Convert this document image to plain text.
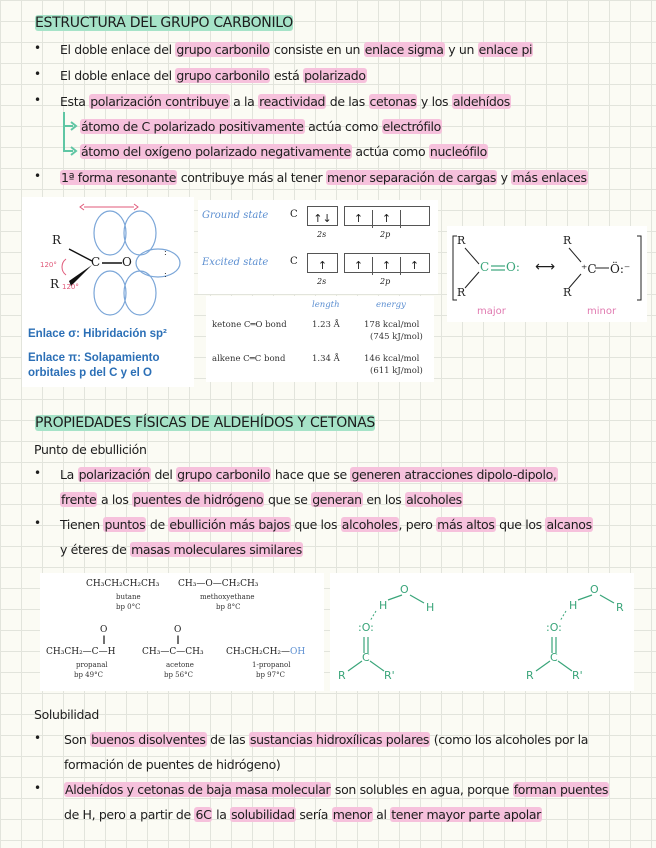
ESTRUCTURA DEL GRUPO CARBONILO
• El doble enlace del grupo carbonilo consiste en un enlace sigma y un enlace pi
• El doble enlace del grupo carbonilo está polarizado
• Esta polarización contribuye a la reactividad de las cetonas y los aldehídos
átomo de C polarizado positivamente actúa como electrófilo
átomo del oxígeno polarizado negativamente actúa como nucleófilo
• 1ª forma resonante contribuye más al tener menor separación de cargas y más enlaces
:
:
R
R
C O
120°
120°
Enlace σ: Hibridación sp²
Enlace π: Solapamiento
orbitales p del C y el O
Ground state C	↑↓	↑ ↑
2s	2p
Excited state C	↑	↑ ↑ ↑
2s	2p
length	energy
ketone C═O bond	1.23 Å	178 kcal/mol
(745 kJ/mol)
alkene C═C bond	1.34 Å	146 kcal/mol
(611 kJ/mol)
R
R
C O: ⟷
R
R
⁺C Ö:⁻
major	minor
PROPIEDADES FÍSICAS DE ALDEHÍDOS Y CETONAS
Punto de ebullición
• La polarización del grupo carbonilo hace que se generen atracciones dipolo-dipolo,
frente a los puentes de hidrógeno que se generan en los alcoholes
• Tienen puntos de ebullición más bajos que los alcoholes, pero más altos que los alcanos
y éteres de masas moleculares similares
CH₃CH₂CH₂CH₃
butane
bp 0°C
CH₃—O—CH₂CH₃
methoxyethane
bp 8°C
O
‖
CH₃CH₂—C—H
propanal
bp 49°C
O
‖
CH₃—C—CH₃
acetone
bp 56°C
CH₃CH₂CH₂—OH
1-propanol
bp 97°C
H
O
H
:O:
C
R	R'
H
O
R
:O:
C
R	R'
Solubilidad
• Son buenos disolventes de las sustancias hidroxílicas polares (como los alcoholes por la
formación de puentes de hidrógeno)
• Aldehídos y cetonas de baja masa molecular son solubles en agua, porque forman puentes
de H, pero a partir de 6C la solubilidad sería menor al tener mayor parte apolar
